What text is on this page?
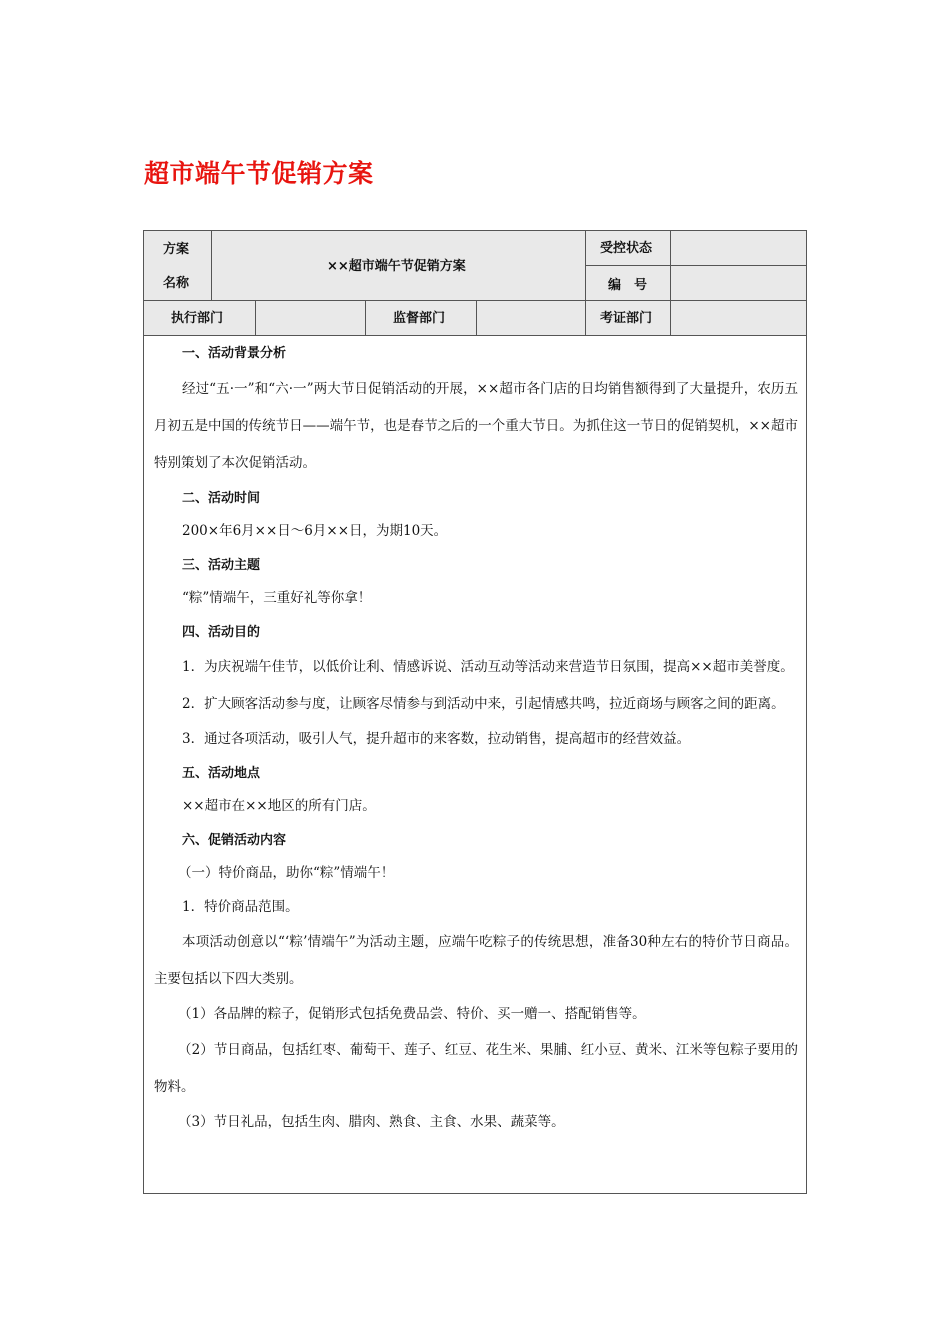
超市端午节促销方案
方案
名称
××超市端午节促销方案
受控状态
编　号
执行部门	监督部门	考证部门
一、活动背景分析

经过“五·一”和“六·一”两大节日促销活动的开展，××超市各门店的日均销售额得到了大量提升，农历五月初五是中国的传统节日——端午节，也是春节之后的一个重大节日。为抓住这一节日的促销契机，××超市特别策划了本次促销活动。

二、活动时间
200×年6月××日～6月××日，为期10天。
三、活动主题
“粽”情端午，三重好礼等你拿！
四、活动目的

1．为庆祝端午佳节，以低价让利、情感诉说、活动互动等活动来营造节日氛围，提高××超市美誉度。

2．扩大顾客活动参与度，让顾客尽情参与到活动中来，引起情感共鸣，拉近商场与顾客之间的距离。

3．通过各项活动，吸引人气，提升超市的来客数，拉动销售，提高超市的经营效益。
五、活动地点
××超市在××地区的所有门店。
六、促销活动内容
（一）特价商品，助你“粽”情端午！
1．特价商品范围。

本项活动创意以“‘粽’情端午”为活动主题，应端午吃粽子的传统思想，准备30种左右的特价节日商品。主要包括以下四大类别。

（1）各品牌的粽子，促销形式包括免费品尝、特价、买一赠一、搭配销售等。

（2）节日商品，包括红枣、葡萄干、莲子、红豆、花生米、果脯、红小豆、黄米、江米等包粽子要用的物料。

（3）节日礼品，包括生肉、腊肉、熟食、主食、水果、蔬菜等。
